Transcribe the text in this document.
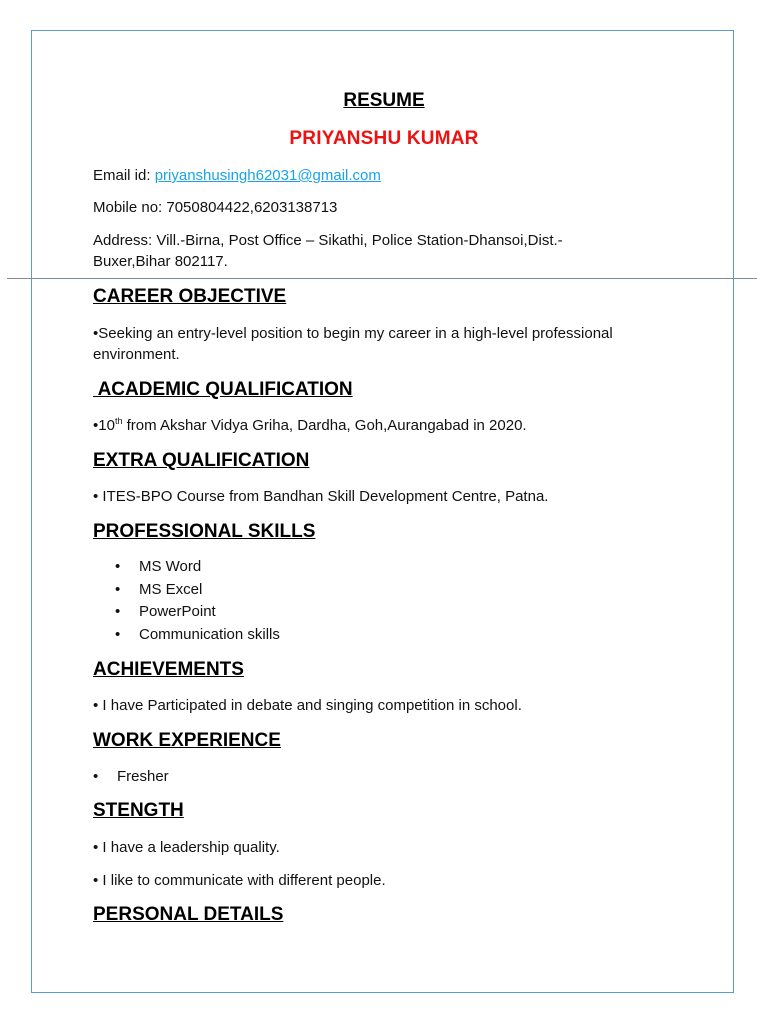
RESUME
PRIYANSHU KUMAR
Email id: priyanshusingh62031@gmail.com
Mobile no: 7050804422,6203138713
Address: Vill.-Birna, Post Office – Sikathi, Police Station-Dhansoi,Dist.-
Buxer,Bihar 802117.
CAREER OBJECTIVE
•Seeking an entry-level position to begin my career in a high-level professional
environment.
ACADEMIC QUALIFICATION
•10th from Akshar Vidya Griha, Dardha, Goh,Aurangabad in 2020.
EXTRA QUALIFICATION
• ITES-BPO Course from Bandhan Skill Development Centre, Patna.
PROFESSIONAL SKILLS
• MS Word
• MS Excel
• PowerPoint
• Communication skills
ACHIEVEMENTS
• I have Participated in debate and singing competition in school.
WORK EXPERIENCE
• Fresher
STENGTH
• I have a leadership quality.
• I like to communicate with different people.
PERSONAL DETAILS
